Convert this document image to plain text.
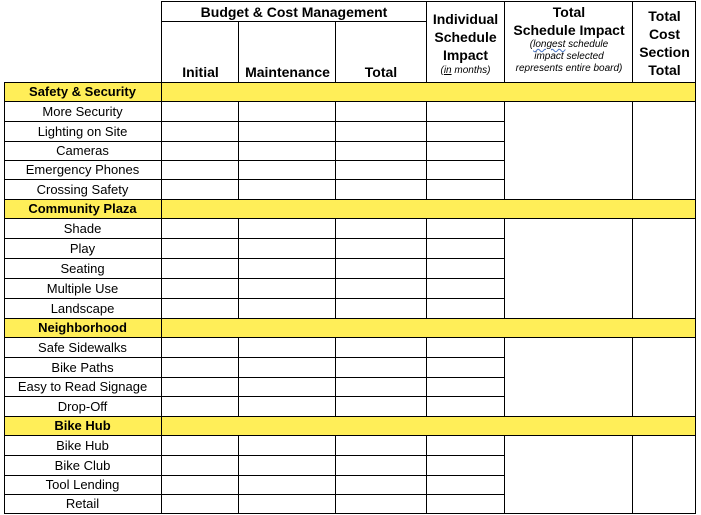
Budget & Cost Management
Initial Maintenance Total
Individual
Schedule
Impact
(in months)
Total
Schedule Impact
(longest schedule
impact selected
represents entire board)
Total
Cost
Section
Total
Safety & Security
More Security
Lighting on Site
Cameras
Emergency Phones
Crossing Safety
Community Plaza
Shade
Play
Seating
Multiple Use
Landscape
Neighborhood
Safe Sidewalks
Bike Paths
Easy to Read Signage
Drop-Off
Bike Hub
Bike Hub
Bike Club
Tool Lending
Retail
